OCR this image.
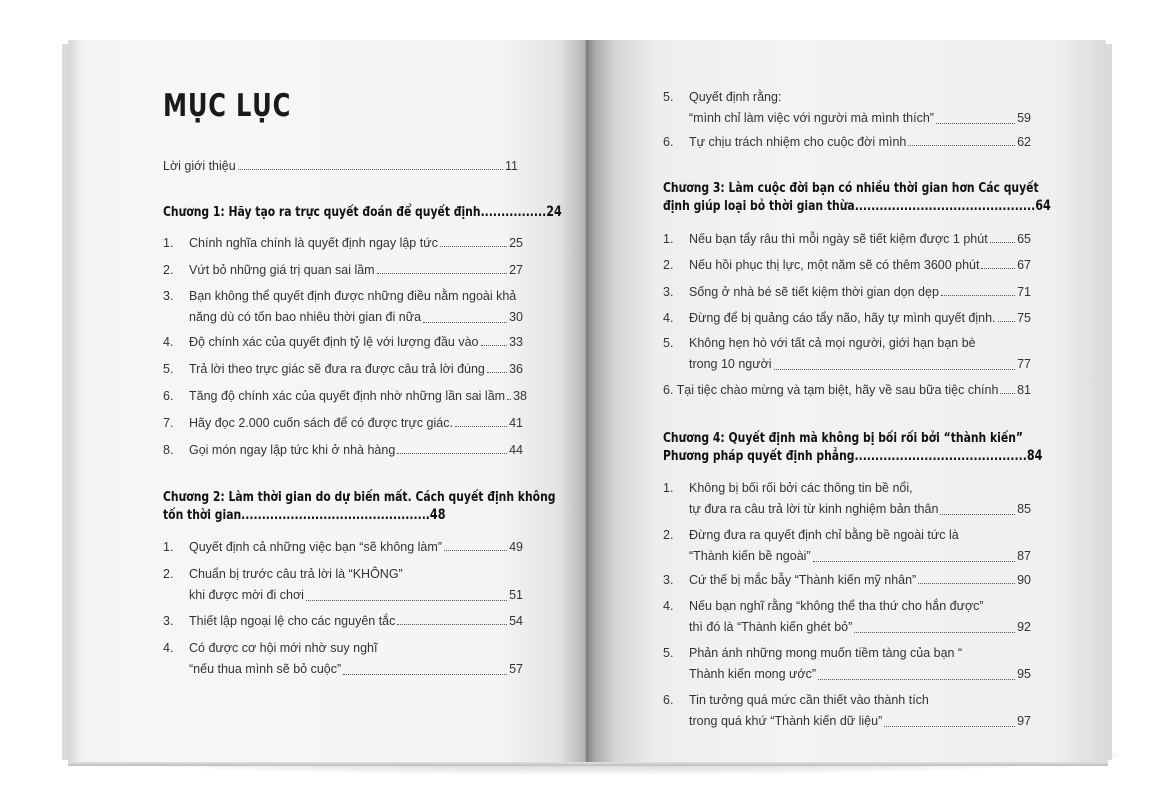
MỤC LỤC
Lời giới thiệu	11
Chương 1: Hãy tạo ra trực quyết đoán để quyết định................24
1.	Chính nghĩa chính là quyết định ngay lập tức	25
2.	Vứt bỏ những giá trị quan sai lầm	27
3. Bạn không thể quyết định được những điều nằm ngoài khả
năng dù có tốn bao nhiêu thời gian đi nữa	30
4.	Độ chính xác của quyết định tỷ lệ với lượng đầu vào 33
5.	Trả lời theo trực giác sẽ đưa ra được câu trả lời đúng 36
6.	Tăng độ chính xác của quyết định nhờ những lần sai lầm 38
7.	Hãy đọc 2.000 cuốn sách để có được trực giác.	41
8.	Gọi món ngay lập tức khi ở nhà hàng	44
Chương 2: Làm thời gian do dự biến mất. Cách quyết định không
tốn thời gian..............................................48
1.	Quyết định cả những việc bạn “sẽ không làm”	49
2. Chuẩn bị trước câu trả lời là “KHÔNG”
khi được mời đi chơi	51
3.	Thiết lập ngoại lệ cho các nguyên tắc	54
4. Có được cơ hội mới nhờ suy nghĩ
“nếu thua mình sẽ bỏ cuộc”	57
5. Quyết định rằng:
“mình chỉ làm việc với người mà mình thích”	59
6.	Tự chịu trách nhiệm cho cuộc đời mình	62
Chương 3: Làm cuộc đời bạn có nhiều thời gian hơn Các quyết
định giúp loại bỏ thời gian thừa............................................64
1.	Nếu bạn tẩy râu thì mỗi ngày sẽ tiết kiệm được 1 phút 65
2.	Nếu hồi phục thị lực, một năm sẽ có thêm 3600 phút	67
3.	Sống ở nhà bé sẽ tiết kiệm thời gian dọn dẹp	71
4.	Đừng để bị quảng cáo tẩy não, hãy tự mình quyết định. 75
5. Không hẹn hò với tất cả mọi người, giới hạn bạn bè
trong 10 người	77
6. Tại tiệc chào mừng và tạm biệt, hãy về sau bữa tiệc chính 81
Chương 4: Quyết định mà không bị bối rối bởi “thành kiến”
Phương pháp quyết định phẳng..........................................84
1. Không bị bối rối bởi các thông tin bề nổi,
tự đưa ra câu trả lời từ kinh nghiệm bản thân	85
2. Đừng đưa ra quyết định chỉ bằng bề ngoài tức là
“Thành kiến bề ngoài”	87
3.	Cứ thế bị mắc bẫy “Thành kiến mỹ nhân”	90
4. Nếu bạn nghĩ rằng “không thể tha thứ cho hắn được”
thì đó là “Thành kiến ghét bỏ”	92
5. Phản ánh những mong muốn tiềm tàng của bạn “
Thành kiến mong ước”	95
6. Tin tưởng quá mức cần thiết vào thành tích
trong quá khứ “Thành kiến dữ liệu”	97
